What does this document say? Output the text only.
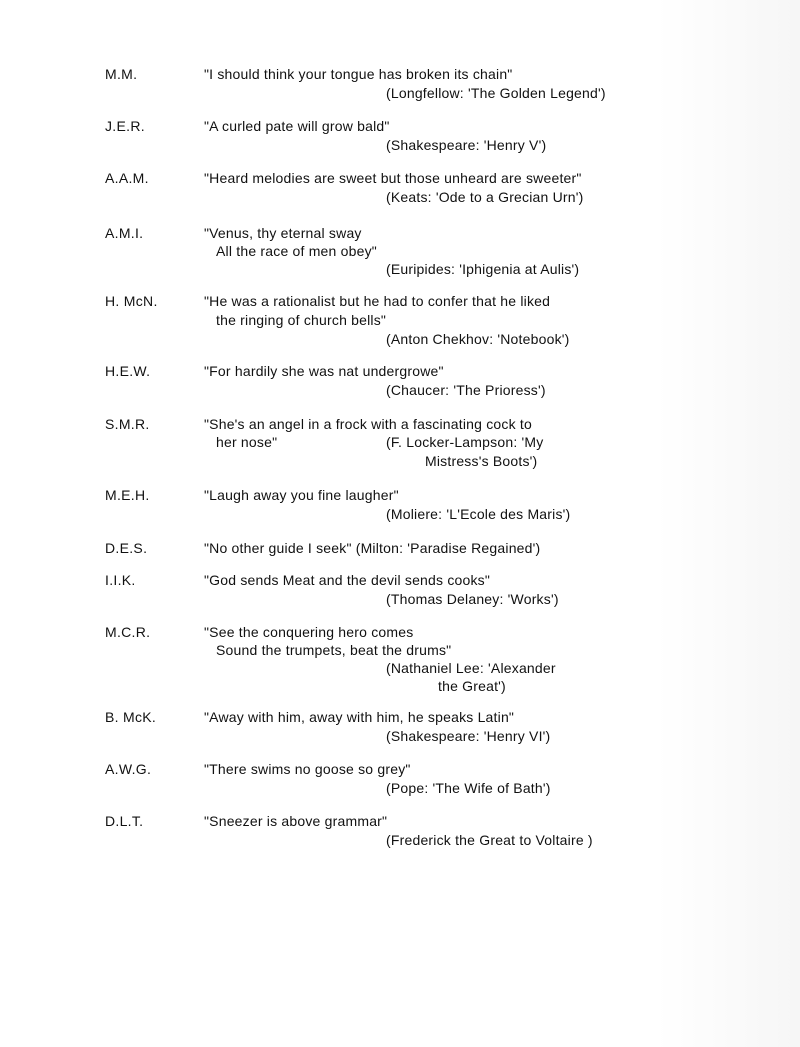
M.M.	"I should think your tongue has broken its chain"
(Longfellow: 'The Golden Legend')
J.E.R.	"A curled pate will grow bald"
(Shakespeare: 'Henry V')
A.A.M.	"Heard melodies are sweet but those unheard are sweeter"
(Keats: 'Ode to a Grecian Urn')
A.M.I.	"Venus, thy eternal sway
All the race of men obey"
(Euripides: 'Iphigenia at Aulis')
H. McN.	"He was a rationalist but he had to confer that he liked
the ringing of church bells"
(Anton Chekhov: 'Notebook')
H.E.W.	"For hardily she was nat undergrowe"
(Chaucer: 'The Prioress')
S.M.R.	"She's an angel in a frock with a fascinating cock to
her nose"	(F. Locker-Lampson: 'My
Mistress's Boots')
M.E.H.	"Laugh away you fine laugher"
(Moliere: 'L'Ecole des Maris')
D.E.S.	"No other guide I seek" (Milton: 'Paradise Regained')
I.I.K.	"God sends Meat and the devil sends cooks"
(Thomas Delaney: 'Works')
M.C.R.	"See the conquering hero comes
Sound the trumpets, beat the drums"
(Nathaniel Lee: 'Alexander
the Great')
B. McK.	"Away with him, away with him, he speaks Latin"
(Shakespeare: 'Henry VI')
A.W.G.	"There swims no goose so grey"
(Pope: 'The Wife of Bath')
D.L.T.	"Sneezer is above grammar"
(Frederick the Great to Voltaire )
